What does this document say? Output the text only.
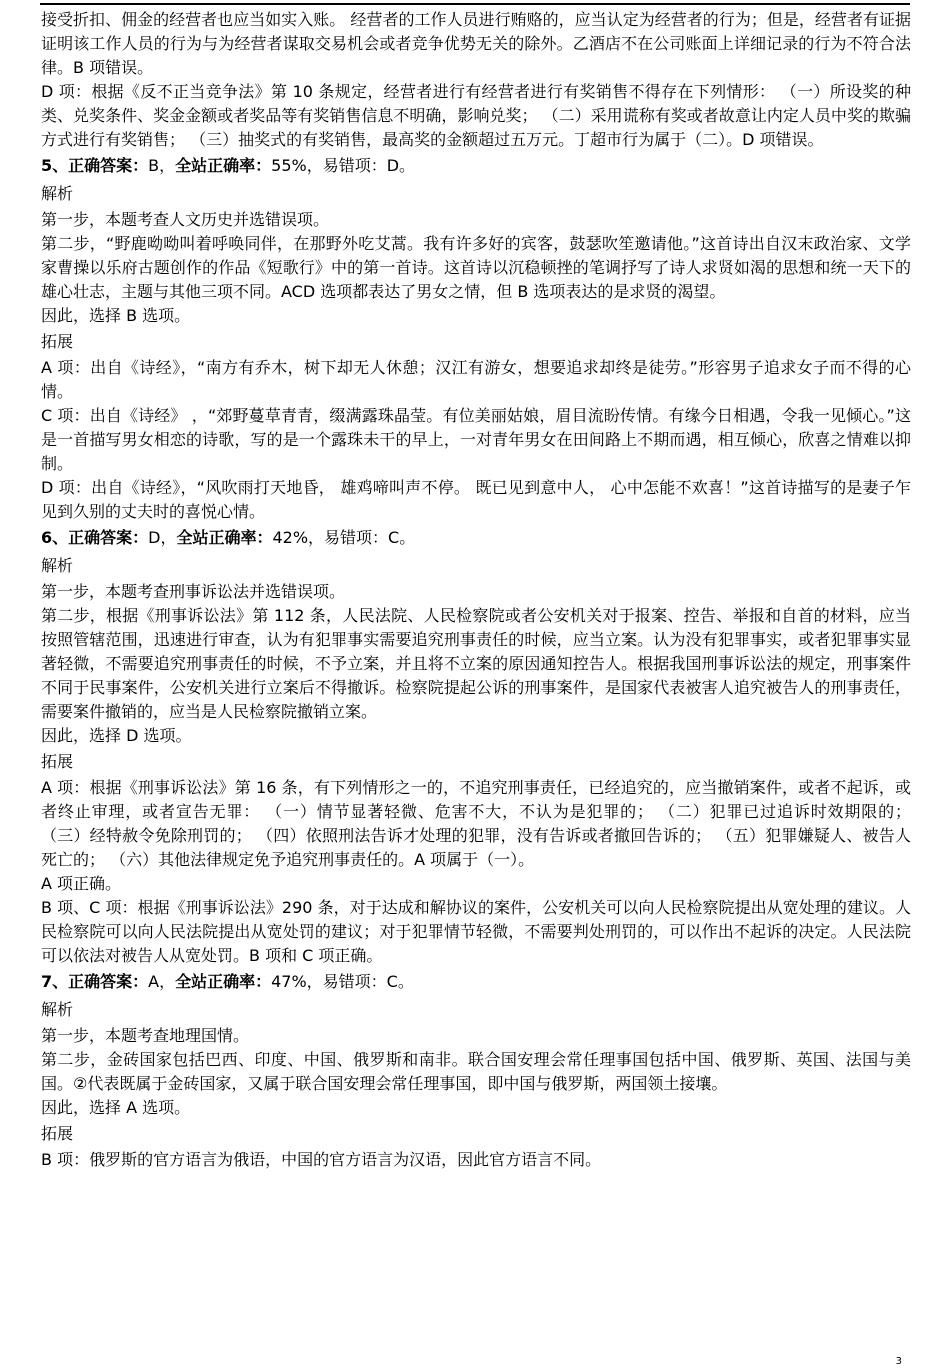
接受折扣、佣金的经营者也应当如实入账。 经营者的工作人员进行贿赂的，应当认定为经营者的行为；但是，经营者有证据证明该工作人员的行为与为经营者谋取交易机会或者竞争优势无关的除外。乙酒店不在公司账面上详细记录的行为不符合法律。B 项错误。

D 项：根据《反不正当竞争法》第 10 条规定，经营者进行有经营者进行有奖销售不得存在下列情形： （一）所设奖的种类、兑奖条件、奖金金额或者奖品等有奖销售信息不明确，影响兑奖； （二）采用谎称有奖或者故意让内定人员中奖的欺骗方式进行有奖销售； （三）抽奖式的有奖销售，最高奖的金额超过五万元。丁超市行为属于（二）。D 项错误。

5、正确答案：B，全站正确率：55%，易错项：D。

解析

第一步，本题考查人文历史并选错误项。

第二步，“野鹿呦呦叫着呼唤同伴，在那野外吃艾蒿。我有许多好的宾客，鼓瑟吹笙邀请他。”这首诗出自汉末政治家、文学家曹操以乐府古题创作的作品《短歌行》中的第一首诗。这首诗以沉稳顿挫的笔调抒写了诗人求贤如渴的思想和统一天下的雄心壮志，主题与其他三项不同。ACD 选项都表达了男女之情，但 B 选项表达的是求贤的渴望。

因此，选择 B 选项。

拓展

A 项：出自《诗经》，“南方有乔木，树下却无人休憩；汉江有游女，想要追求却终是徒劳。”形容男子追求女子而不得的心情。

C 项：出自《诗经》 ，“郊野蔓草青青，缀满露珠晶莹。有位美丽姑娘，眉目流盼传情。有缘今日相遇，令我一见倾心。”这是一首描写男女相恋的诗歌，写的是一个露珠未干的早上，一对青年男女在田间路上不期而遇，相互倾心，欣喜之情难以抑制。

D 项：出自《诗经》，“风吹雨打天地昏， 雄鸡啼叫声不停。 既已见到意中人， 心中怎能不欢喜！”这首诗描写的是妻子乍见到久别的丈夫时的喜悦心情。

6、正确答案：D，全站正确率：42%，易错项：C。

解析

第一步，本题考查刑事诉讼法并选错误项。

第二步，根据《刑事诉讼法》第 112 条，人民法院、人民检察院或者公安机关对于报案、控告、举报和自首的材料，应当按照管辖范围，迅速进行审查，认为有犯罪事实需要追究刑事责任的时候，应当立案。认为没有犯罪事实，或者犯罪事实显著轻微，不需要追究刑事责任的时候，不予立案，并且将不立案的原因通知控告人。根据我国刑事诉讼法的规定，刑事案件不同于民事案件，公安机关进行立案后不得撤诉。检察院提起公诉的刑事案件，是国家代表被害人追究被告人的刑事责任，需要案件撤销的，应当是人民检察院撤销立案。

因此，选择 D 选项。

拓展

A 项：根据《刑事诉讼法》第 16 条，有下列情形之一的，不追究刑事责任，已经追究的，应当撤销案件，或者不起诉，或者终止审理，或者宣告无罪： （一）情节显著轻微、危害不大，不认为是犯罪的； （二）犯罪已过追诉时效期限的； （三）经特赦令免除刑罚的； （四）依照刑法告诉才处理的犯罪，没有告诉或者撤回告诉的； （五）犯罪嫌疑人、被告人死亡的； （六）其他法律规定免予追究刑事责任的。A 项属于（一）。

A 项正确。

B 项、C 项：根据《刑事诉讼法》290 条，对于达成和解协议的案件，公安机关可以向人民检察院提出从宽处理的建议。人民检察院可以向人民法院提出从宽处罚的建议；对于犯罪情节轻微，不需要判处刑罚的，可以作出不起诉的决定。人民法院可以依法对被告人从宽处罚。B 项和 C 项正确。

7、正确答案：A，全站正确率：47%，易错项：C。

解析

第一步，本题考查地理国情。

第二步，金砖国家包括巴西、印度、中国、俄罗斯和南非。联合国安理会常任理事国包括中国、俄罗斯、英国、法国与美国。②代表既属于金砖国家，又属于联合国安理会常任理事国，即中国与俄罗斯，两国领土接壤。

因此，选择 A 选项。

拓展

B 项：俄罗斯的官方语言为俄语，中国的官方语言为汉语，因此官方语言不同。

3
